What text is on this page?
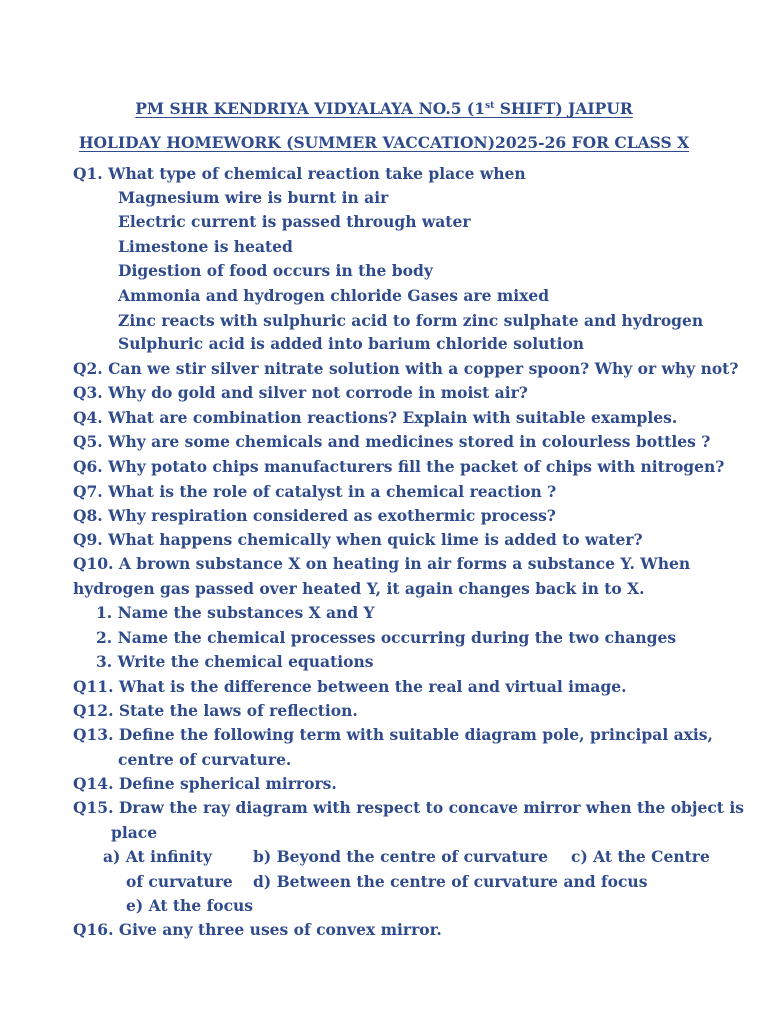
PM SHR KENDRIYA VIDYALAYA NO.5 (1st SHIFT) JAIPUR
HOLIDAY HOMEWORK (SUMMER VACCATION)2025-26 FOR CLASS X
Q1. What type of chemical reaction take place when
Magnesium wire is burnt in air
Electric current is passed through water
Limestone is heated
Digestion of food occurs in the body
Ammonia and hydrogen chloride Gases are mixed
Zinc reacts with sulphuric acid to form zinc sulphate and hydrogen
Sulphuric acid is added into barium chloride solution
Q2. Can we stir silver nitrate solution with a copper spoon? Why or why not?
Q3. Why do gold and silver not corrode in moist air?
Q4. What are combination reactions? Explain with suitable examples.
Q5. Why are some chemicals and medicines stored in colourless bottles ?
Q6. Why potato chips manufacturers fill the packet of chips with nitrogen?
Q7. What is the role of catalyst in a chemical reaction ?
Q8. Why respiration considered as exothermic process?
Q9. What happens chemically when quick lime is added to water?
Q10. A brown substance X on heating in air forms a substance Y. When
hydrogen gas passed over heated Y, it again changes back in to X.
1. Name the substances X and Y
2. Name the chemical processes occurring during the two changes
3. Write the chemical equations
Q11. What is the difference between the real and virtual image.
Q12. State the laws of reflection.
Q13. Define the following term with suitable diagram pole, principal axis,
centre of curvature.
Q14. Define spherical mirrors.
Q15. Draw the ray diagram with respect to concave mirror when the object is
place
a) At infinity	b) Beyond the centre of curvature c) At the Centre
of curvature d) Between the centre of curvature and focus
e) At the focus
Q16. Give any three uses of convex mirror.
